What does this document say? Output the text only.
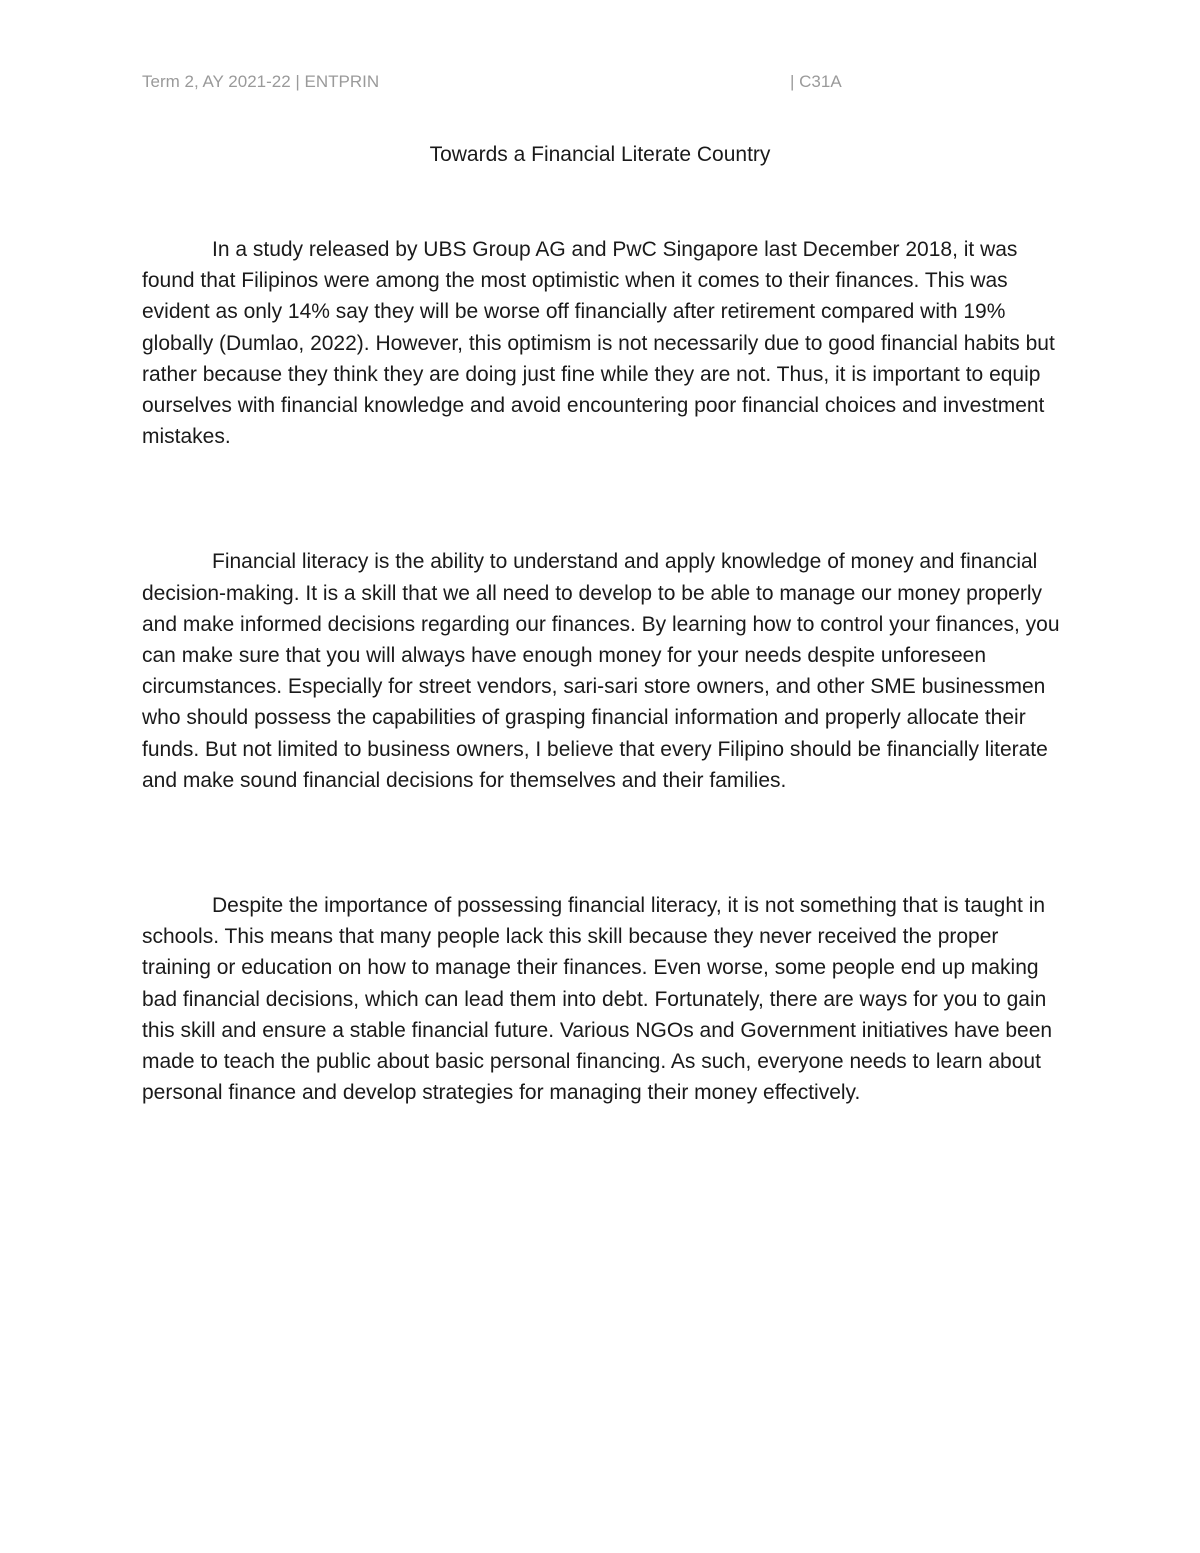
Term 2, AY 2021-22 | ENTPRIN	| C31A
Towards a Financial Literate Country

In a study released by UBS Group AG and PwC Singapore last December 2018, it was found that Filipinos were among the most optimistic when it comes to their finances. This was evident as only 14% say they will be worse off financially after retirement compared with 19% globally (Dumlao, 2022). However, this optimism is not necessarily due to good financial habits but rather because they think they are doing just fine while they are not. Thus, it is important to equip ourselves with financial knowledge and avoid encountering poor financial choices and investment mistakes.

Financial literacy is the ability to understand and apply knowledge of money and financial decision-making. It is a skill that we all need to develop to be able to manage our money properly and make informed decisions regarding our finances. By learning how to control your finances, you can make sure that you will always have enough money for your needs despite unforeseen circumstances. Especially for street vendors, sari-sari store owners, and other SME businessmen who should possess the capabilities of grasping financial information and properly allocate their funds. But not limited to business owners, I believe that every Filipino should be financially literate and make sound financial decisions for themselves and their families.

Despite the importance of possessing financial literacy, it is not something that is taught in schools. This means that many people lack this skill because they never received the proper training or education on how to manage their finances. Even worse, some people end up making bad financial decisions, which can lead them into debt. Fortunately, there are ways for you to gain this skill and ensure a stable financial future. Various NGOs and Government initiatives have been made to teach the public about basic personal financing. As such, everyone needs to learn about personal finance and develop strategies for managing their money effectively.
